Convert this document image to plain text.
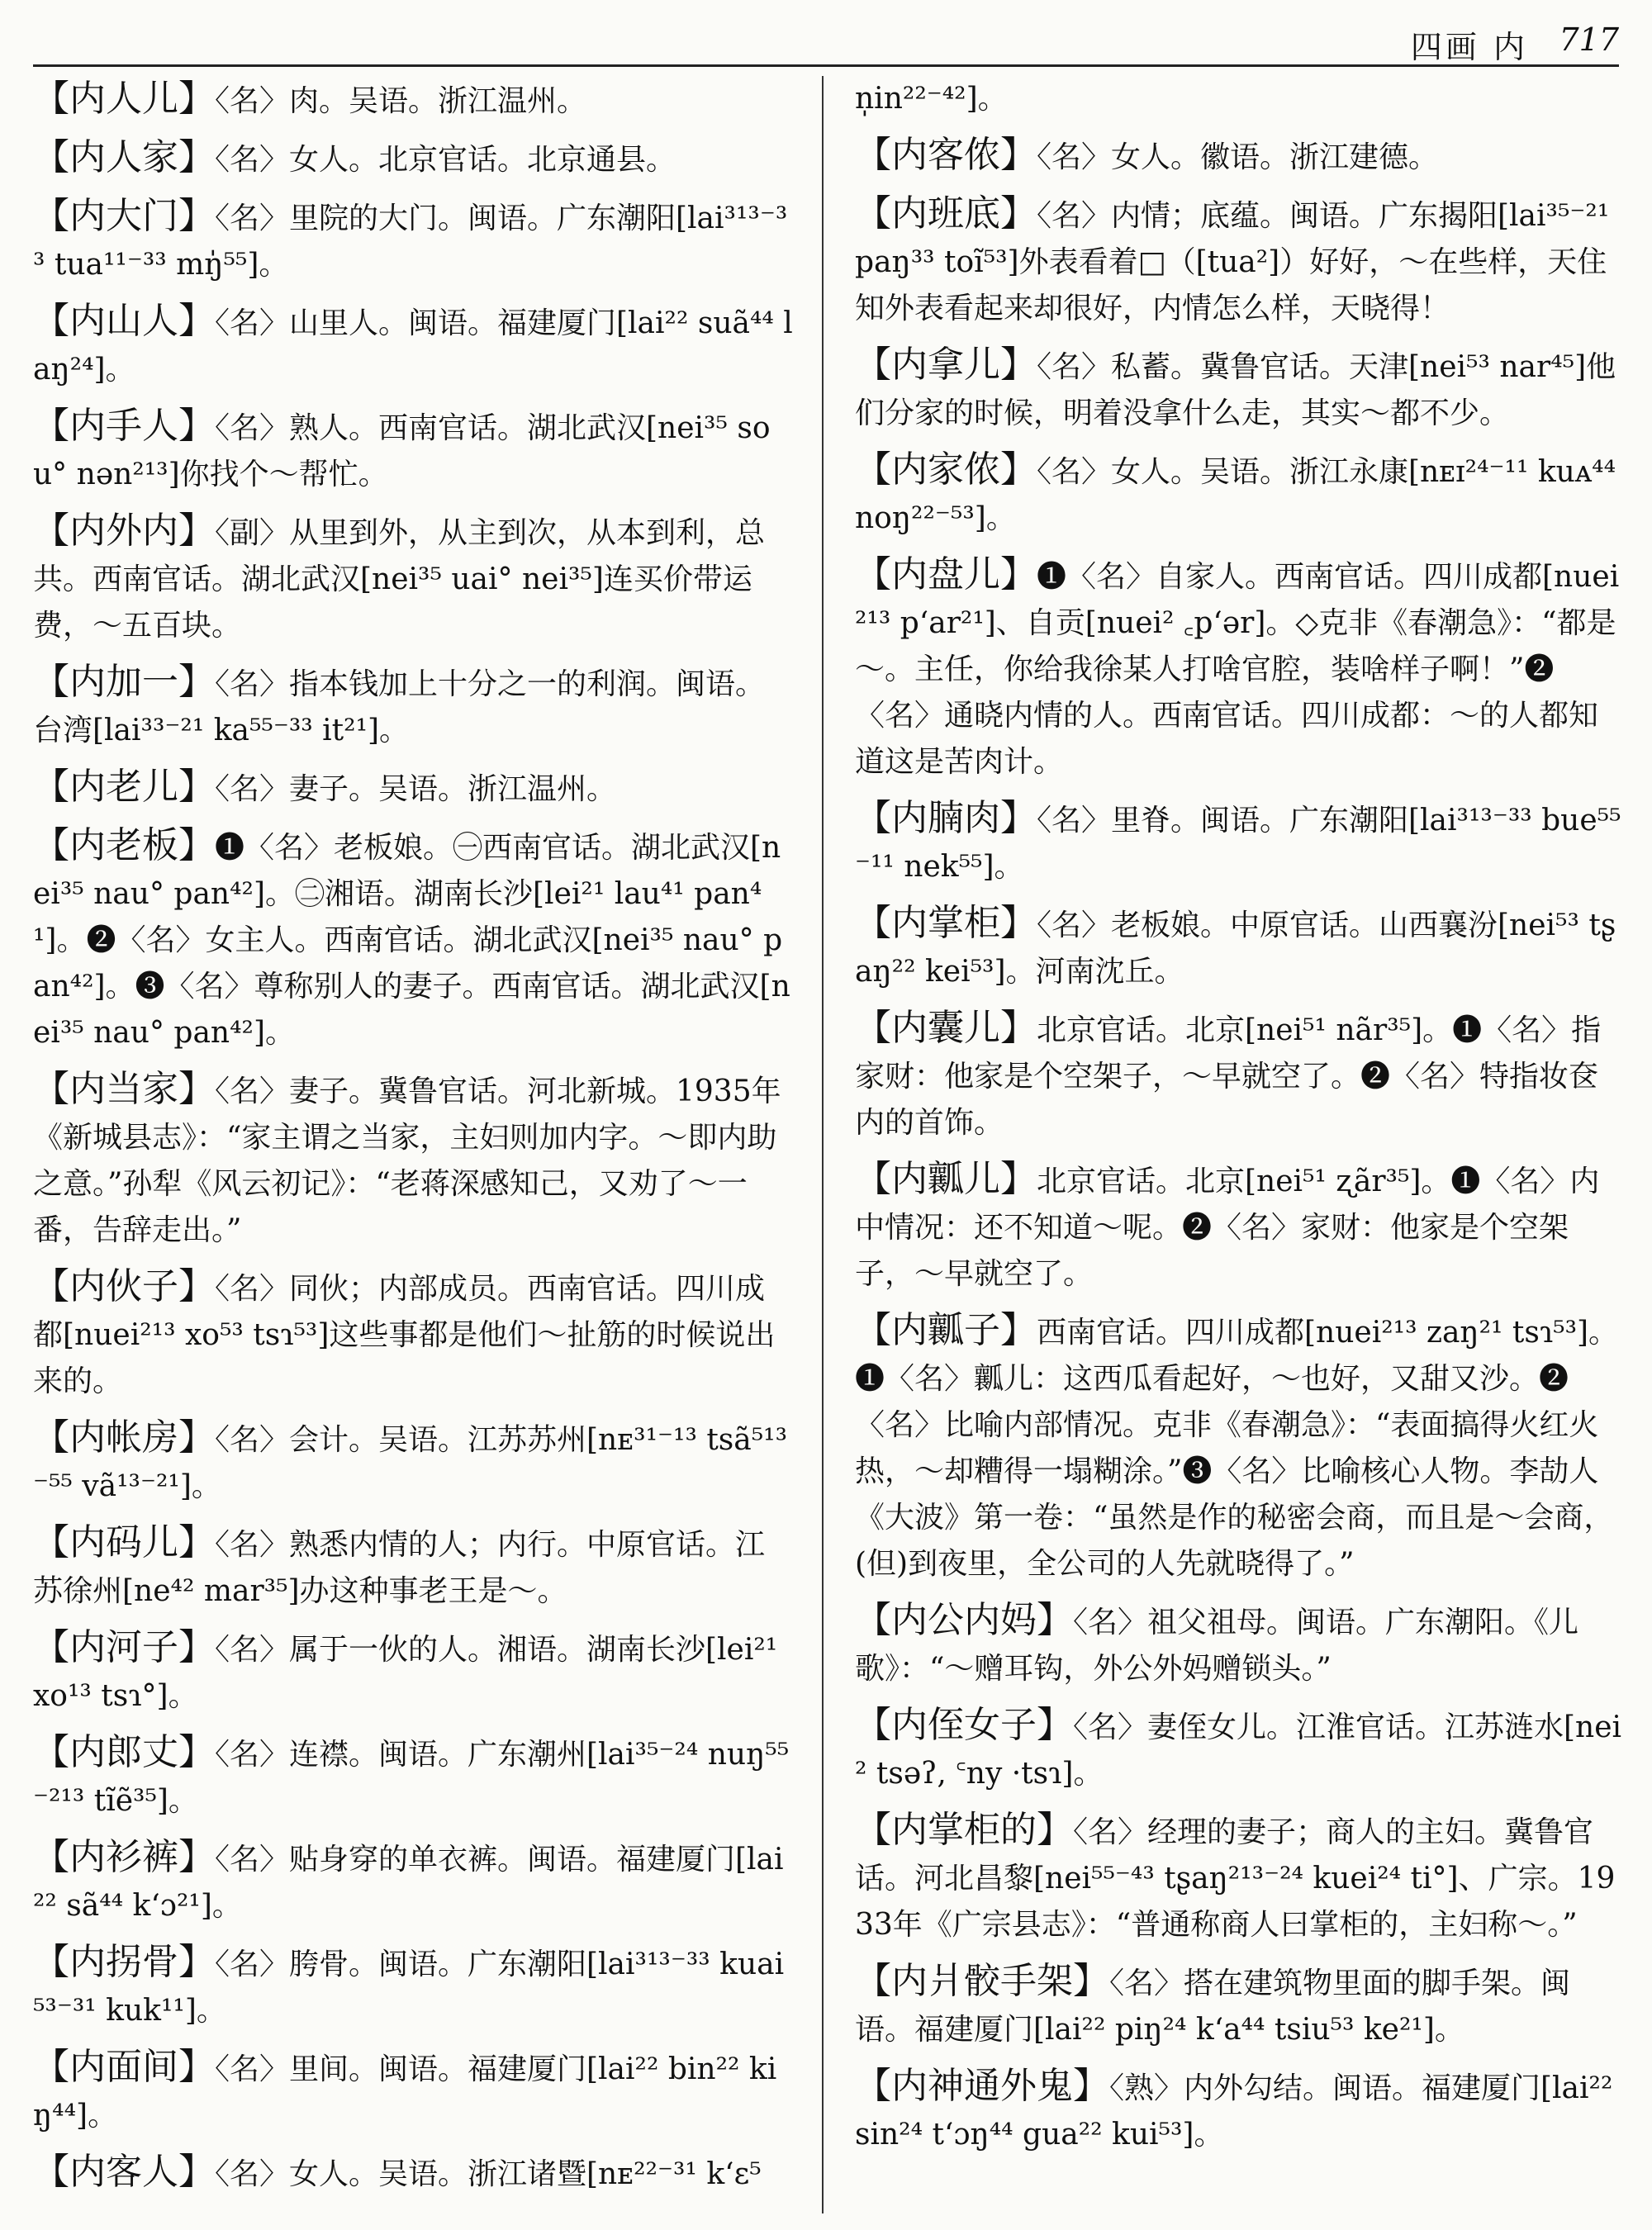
四画 内 717

【内人儿】〈名〉肉。吴语。浙江温州。

【内人家】〈名〉女人。北京官话。北京通县。

【内大门】〈名〉里院的大门。闽语。广东潮阳[lai³¹³⁻³³ tua¹¹⁻³³ mŋ̍⁵⁵]。

【内山人】〈名〉山里人。闽语。福建厦门[lai²² suã⁴⁴ laŋ²⁴]。

【内手人】〈名〉熟人。西南官话。湖北武汉[nei³⁵ sou° nən²¹³]你找个～帮忙。

【内外内】〈副〉从里到外，从主到次，从本到利，总共。西南官话。湖北武汉[nei³⁵ uai° nei³⁵]连买价带运费，～五百块。

【内加一】〈名〉指本钱加上十分之一的利润。闽语。台湾[lai³³⁻²¹ ka⁵⁵⁻³³ it²¹]。

【内老儿】〈名〉妻子。吴语。浙江温州。

【内老板】❶〈名〉老板娘。㊀西南官话。湖北武汉[nei³⁵ nau° pan⁴²]。㊁湘语。湖南长沙[lei²¹ lau⁴¹ pan⁴¹]。❷〈名〉女主人。西南官话。湖北武汉[nei³⁵ nau° pan⁴²]。❸〈名〉尊称别人的妻子。西南官话。湖北武汉[nei³⁵ nau° pan⁴²]。

【内当家】〈名〉妻子。冀鲁官话。河北新城。1935年《新城县志》：“家主谓之当家，主妇则加内字。～即内助之意。”孙犁《风云初记》：“老蒋深感知己，又劝了～一番，告辞走出。”

【内伙子】〈名〉同伙；内部成员。西南官话。四川成都[nuei²¹³ xo⁵³ tsɿ⁵³]这些事都是他们～扯筋的时候说出来的。

【内帐房】〈名〉会计。吴语。江苏苏州[nᴇ³¹⁻¹³ tsã⁵¹³⁻⁵⁵ vã¹³⁻²¹]。

【内码儿】〈名〉熟悉内情的人；内行。中原官话。江苏徐州[ne⁴² mar³⁵]办这种事老王是～。

【内河子】〈名〉属于一伙的人。湘语。湖南长沙[lei²¹ xo¹³ tsɿ°]。

【内郎丈】〈名〉连襟。闽语。广东潮州[lai³⁵⁻²⁴ nuŋ⁵⁵⁻²¹³ tĩẽ³⁵]。

【内衫裤】〈名〉贴身穿的单衣裤。闽语。福建厦门[lai²² sã⁴⁴ k‘ɔ²¹]。

【内拐骨】〈名〉胯骨。闽语。广东潮阳[lai³¹³⁻³³ kuai⁵³⁻³¹ kuk¹¹]。

【内面间】〈名〉里间。闽语。福建厦门[lai²² bin²² kiŋ⁴⁴]。

【内客人】〈名〉女人。吴语。浙江诸暨[nᴇ²²⁻³¹ k‘ɛ⁵

n̩in²²⁻⁴²]。

【内客侬】〈名〉女人。徽语。浙江建德。

【内班底】〈名〉内情；底蕴。闽语。广东揭阳[lai³⁵⁻²¹ paŋ³³ toĩ⁵³]外表看着□（[tua²]）好好，～在些样，天住知外表看起来却很好，内情怎么样，天晓得！

【内拿儿】〈名〉私蓄。冀鲁官话。天津[nei⁵³ nar⁴⁵]他们分家的时候，明着没拿什么走，其实～都不少。

【内家侬】〈名〉女人。吴语。浙江永康[nᴇɪ²⁴⁻¹¹ kuᴀ⁴⁴ noŋ²²⁻⁵³]。

【内盘儿】❶〈名〉自家人。西南官话。四川成都[nuei²¹³ p‘ar²¹]、自贡[nuei² ꜀p‘ər]。◇克非《春潮急》：“都是～。主任，你给我徐某人打啥官腔，装啥样子啊！”❷〈名〉通晓内情的人。西南官话。四川成都：～的人都知道这是苦肉计。

【内腩肉】〈名〉里脊。闽语。广东潮阳[lai³¹³⁻³³ bue⁵⁵⁻¹¹ nek⁵⁵]。

【内掌柜】〈名〉老板娘。中原官话。山西襄汾[nei⁵³ tʂaŋ²² kei⁵³]。河南沈丘。

【内囊儿】北京官话。北京[nei⁵¹ nãr³⁵]。❶〈名〉指家财：他家是个空架子，～早就空了。❷〈名〉特指妆奁内的首饰。

【内瓤儿】北京官话。北京[nei⁵¹ ʐãr³⁵]。❶〈名〉内中情况：还不知道～呢。❷〈名〉家财：他家是个空架子，～早就空了。

【内瓤子】西南官话。四川成都[nuei²¹³ zaŋ²¹ tsɿ⁵³]。❶〈名〉瓤儿：这西瓜看起好，～也好，又甜又沙。❷〈名〉比喻内部情况。克非《春潮急》：“表面搞得火红火热，～却糟得一塌糊涂。”❸〈名〉比喻核心人物。李劼人《大波》第一卷：“虽然是作的秘密会商，而且是～会商，(但)到夜里，全公司的人先就晓得了。”

【内公内妈】〈名〉祖父祖母。闽语。广东潮阳。《儿歌》：“～赠耳钩，外公外妈赠锁头。”

【内侄女子】〈名〉妻侄女儿。江淮官话。江苏涟水[nei² tsəʔ, ꜂ny ·tsɿ]。

【内掌柜的】〈名〉经理的妻子；商人的主妇。冀鲁官话。河北昌黎[nei⁵⁵⁻⁴³ tʂaŋ²¹³⁻²⁴ kuei²⁴ ti°]、广宗。1933年《广宗县志》：“普通称商人曰掌柜的，主妇称～。”

【内爿骹手架】〈名〉搭在建筑物里面的脚手架。闽语。福建厦门[lai²² piŋ²⁴ k‘a⁴⁴ tsiu⁵³ ke²¹]。

【内神通外鬼】〈熟〉内外勾结。闽语。福建厦门[lai²² sin²⁴ t‘ɔŋ⁴⁴ gua²² kui⁵³]。
